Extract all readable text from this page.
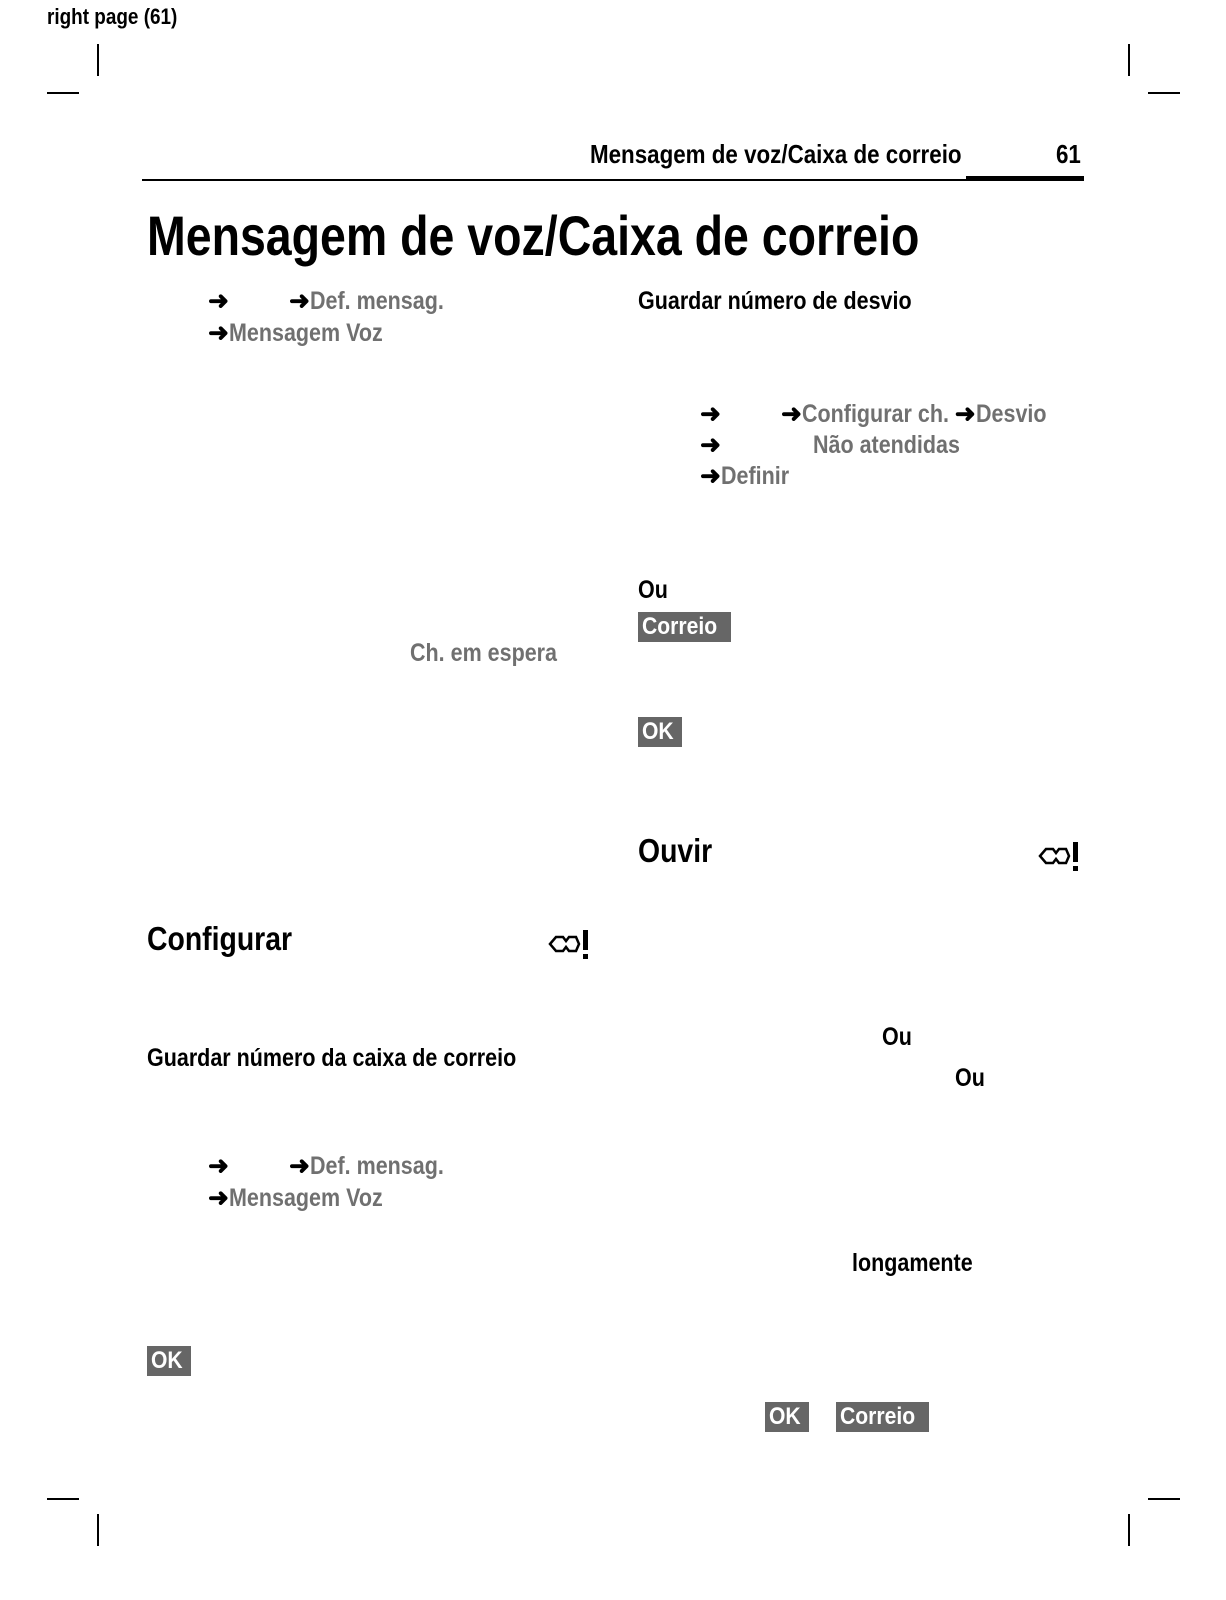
right page (61)
Mensagem de voz/Caixa de correio	61
Mensagem de voz/Caixa de correio
➜ ➜Def. mensag.
➜Mensagem Voz
Ch. em espera
Configurar
Guardar número da caixa de correio
➜ ➜Def. mensag.
➜Mensagem Voz
OK
Guardar número de desvio
➜ ➜Configurar ch. ➜Desvio
➜	Não atendidas
➜Definir
Ou
Correio
OK
Ouvir
Ou
Ou
longamente
OK	Correio
